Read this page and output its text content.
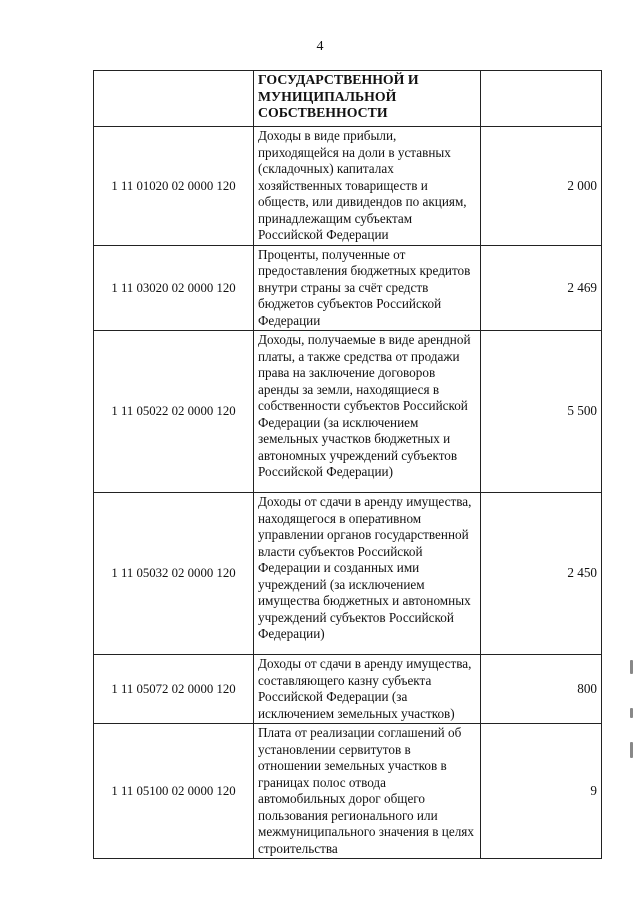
4
	ГОСУДАРСТВЕННОЙ И МУНИЦИПАЛЬНОЙ СОБСТВЕННОСТИ	
1 11 01020 02 0000 120	Доходы в виде прибыли, приходящейся на доли в уставных (складочных) капиталах хозяйственных товариществ и обществ, или дивидендов по акциям, принадлежащим субъектам Российской Федерации	2 000
1 11 03020 02 0000 120	Проценты, полученные от предоставления бюджетных кредитов внутри страны за счёт средств бюджетов субъектов Российской Федерации	2 469
1 11 05022 02 0000 120	Доходы, получаемые в виде арендной платы, а также средства от продажи права на заключение договоров аренды за земли, находящиеся в собственности субъектов Российской Федерации (за исключением земельных участков бюджетных и автономных учреждений субъектов Российской Федерации)	5 500
1 11 05032 02 0000 120	Доходы от сдачи в аренду имущества, находящегося в оперативном управлении органов государственной власти субъектов Российской Федерации и созданных ими учреждений (за исключением имущества бюджетных и автономных учреждений субъектов Российской Федерации)	2 450
1 11 05072 02 0000 120	Доходы от сдачи в аренду имущества, составляющего казну субъекта Российской Федерации (за исключением земельных участков)	800
1 11 05100 02 0000 120	Плата от реализации соглашений об установлении сервитутов в отношении земельных участков в границах полос отвода автомобильных дорог общего пользования регионального или межмуниципального значения в целях строительства	9
